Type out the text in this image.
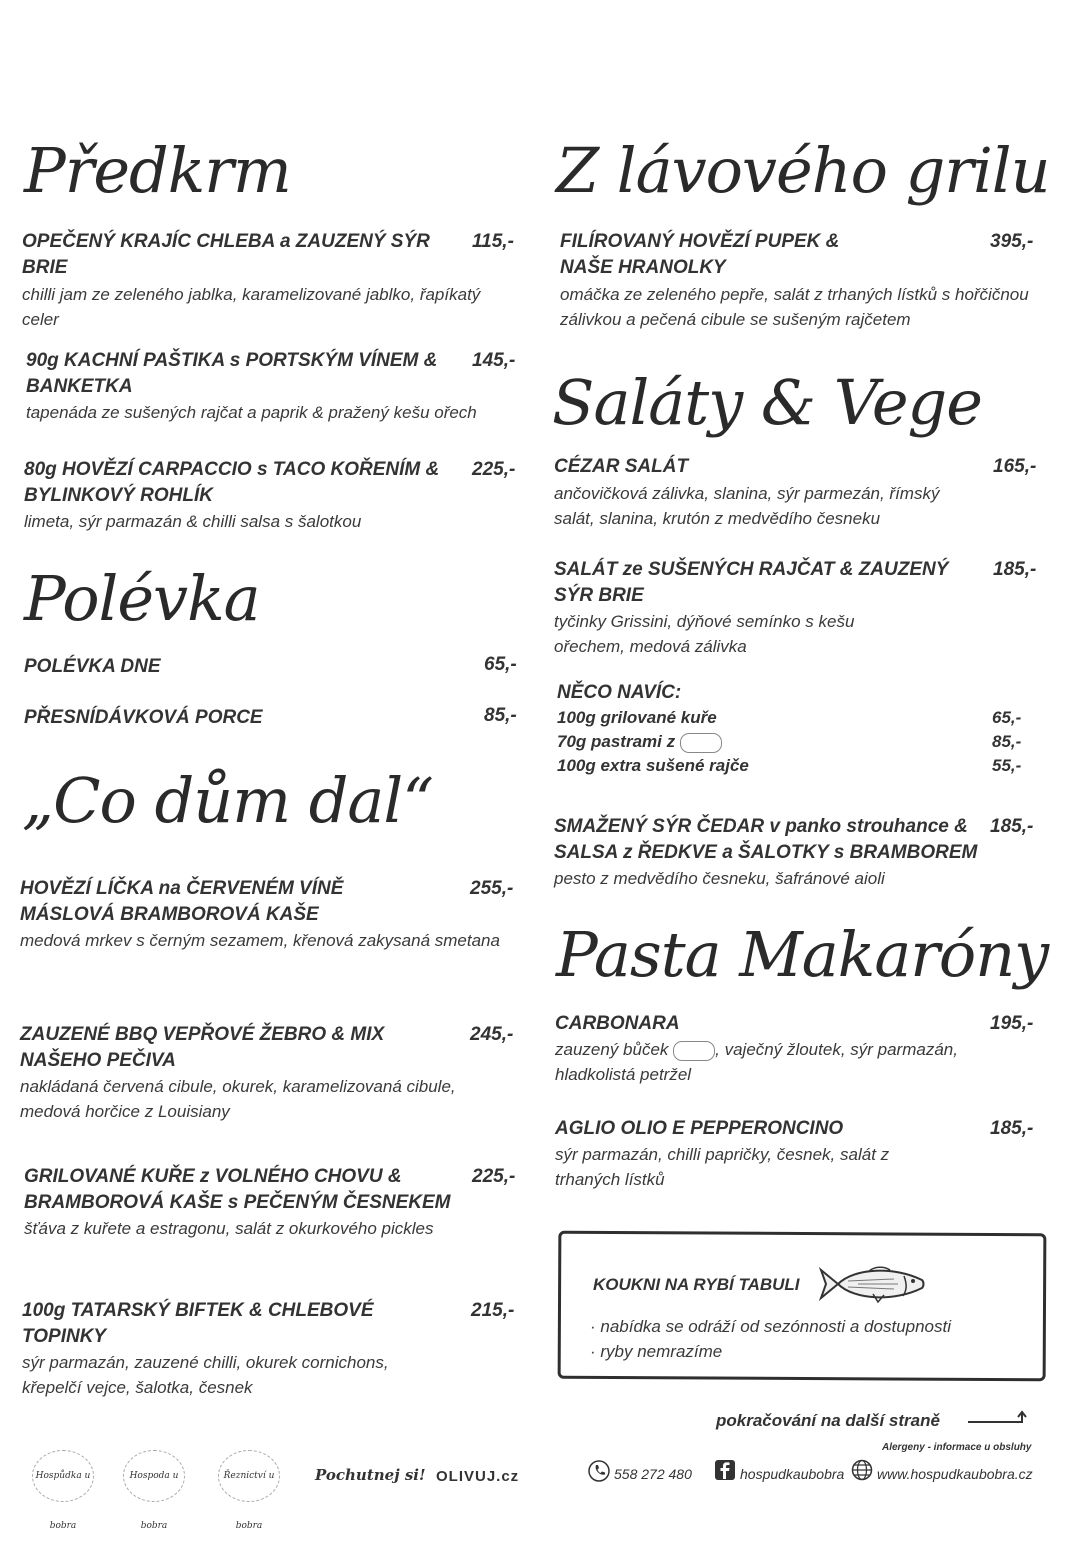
Předkrm
OPEČENÝ KRAJÍC CHLEBA a ZAUZENÝ SÝR BRIE
115,-
chilli jam ze zeleného jablka, karamelizované jablko, řapíkatý celer
90g KACHNÍ PAŠTIKA s PORTSKÝM VÍNEM & BANKETKA
145,-
tapenáda ze sušených rajčat a paprik & pražený kešu ořech
80g HOVĚZÍ CARPACCIO s TACO KOŘENÍM & BYLINKOVÝ ROHLÍK
225,-
limeta, sýr parmazán & chilli salsa s šalotkou
Polévka
POLÉVKA DNE	65,-
PŘESNÍDÁVKOVÁ PORCE	85,-
„Co dům dal“
HOVĚZÍ LÍČKA na ČERVENÉM VÍNĚ MÁSLOVÁ BRAMBOROVÁ KAŠE
255,-
medová mrkev s černým sezamem, křenová zakysaná smetana
ZAUZENÉ BBQ VEPŘOVÉ ŽEBRO & MIX NAŠEHO PEČIVA
245,-
nakládaná červená cibule, okurek, karamelizovaná cibule, medová horčice z Louisiany
GRILOVANÉ KUŘE z VOLNÉHO CHOVU & BRAMBOROVÁ KAŠE s PEČENÝM ČESNEKEM
225,-
šťáva z kuřete a estragonu, salát z okurkového pickles
100g TATARSKÝ BIFTEK & CHLEBOVÉ TOPINKY
215,-
sýr parmazán, zauzené chilli, okurek cornichons, křepelčí vejce, šalotka, česnek
Z lávového grilu
FILÍROVANÝ HOVĚZÍ PUPEK & NAŠE HRANOLKY
395,-
omáčka ze zeleného pepře, salát z trhaných lístků s hořčičnou zálivkou a pečená cibule se sušeným rajčetem
Saláty & Vege
CÉZAR SALÁT	165,-
ančovičková zálivka, slanina, sýr parmezán, římský salát, slanina, krutón z medvědího česneku
SALÁT ze SUŠENÝCH RAJČAT & ZAUZENÝ SÝR BRIE
185,-
tyčinky Grissini, dýňové semínko s kešu ořechem, medová zálivka
NĚCO NAVÍC:
100g grilované kuře	65,-
70g pastrami z	85,-
100g extra sušené rajče	55,-
SMAŽENÝ SÝR ČEDAR v panko strouhance & SALSA z ŘEDKVE a ŠALOTKY s BRAMBOREM
185,-
pesto z medvědího česneku, šafránové aioli
Pasta Makaróny
CARBONARA	195,-
zauzený bůček	, vaječný žloutek, sýr parmazán, hladkolistá petržel
AGLIO OLIO E PEPPERONCINO	185,-
sýr parmazán, chilli papričky, česnek, salát z trhaných lístků
KOUKNI NA RYBÍ TABULI
· nabídka se odráží od sezónnosti a dostupnosti
· ryby nemrazíme
pokračování na další straně
Alergeny - informace u obsluhy
Hospůdka u bobra
Hospoda u bobra
Řeznictví u bobra
Pochutnej si! OLIVUJ.cz	558 272 480	hospudkaubobra www.hospudkaubobra.cz
